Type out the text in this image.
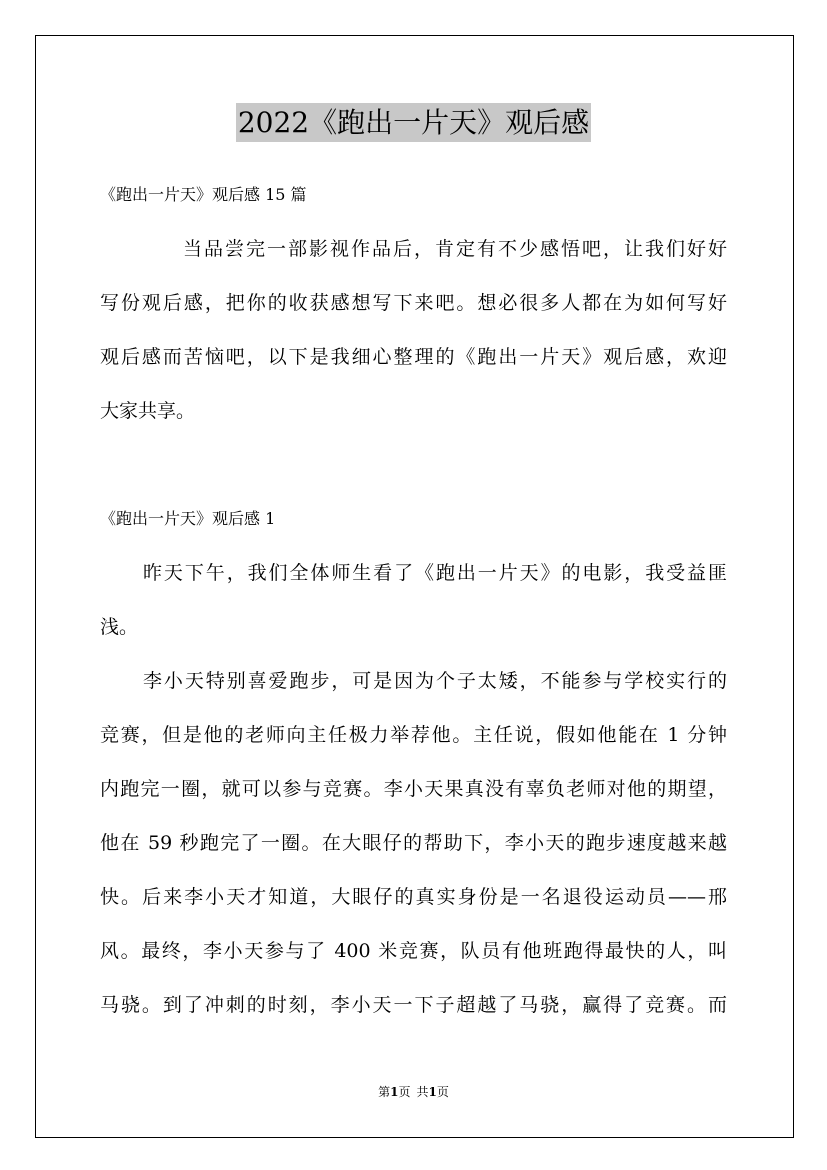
2022《跑出一片天》观后感
《跑出一片天》观后感 15 篇
当品尝完一部影视作品后，肯定有不少感悟吧，让我们好好
写份观后感，把你的收获感想写下来吧。想必很多人都在为如何写好
观后感而苦恼吧，以下是我细心整理的《跑出一片天》观后感，欢迎
大家共享。
《跑出一片天》观后感 1
昨天下午，我们全体师生看了《跑出一片天》的电影，我受益匪
浅。
李小天特别喜爱跑步，可是因为个子太矮，不能参与学校实行的
竞赛，但是他的老师向主任极力举荐他。主任说，假如他能在 1 分钟
内跑完一圈，就可以参与竞赛。李小天果真没有辜负老师对他的期望，
他在 59 秒跑完了一圈。在大眼仔的帮助下，李小天的跑步速度越来越
快。后来李小天才知道，大眼仔的真实身份是一名退役运动员——邢
风。最终，李小天参与了 400 米竞赛，队员有他班跑得最快的人，叫
马骁。到了冲刺的时刻，李小天一下子超越了马骁，赢得了竞赛。而
第1页 共1页
